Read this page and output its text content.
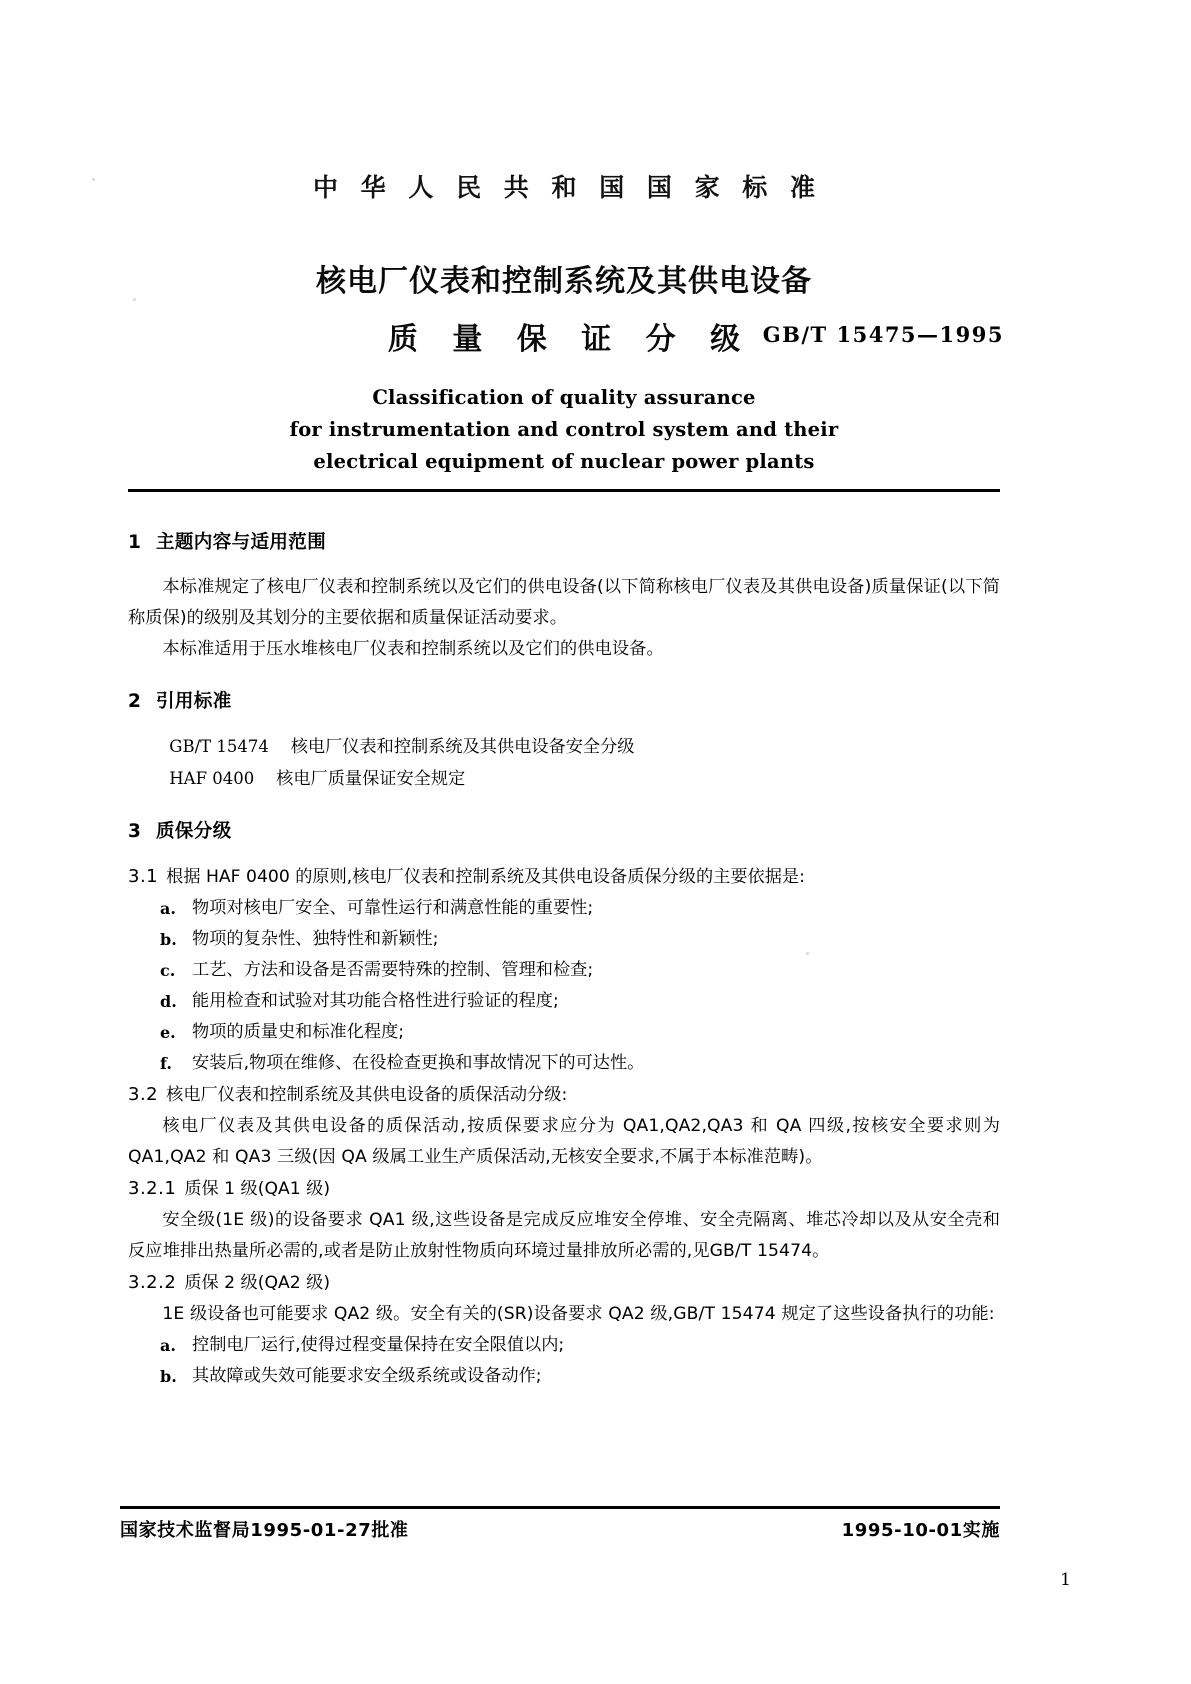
中 华 人 民 共 和 国 国 家 标 准
核电厂仪表和控制系统及其供电设备
质 量 保 证 分 级 GB/T 15475—1995
Classification of quality assurance
for instrumentation and control system and their
electrical equipment of nuclear power plants
1 主题内容与适用范围

本标准规定了核电厂仪表和控制系统以及它们的供电设备(以下简称核电厂仪表及其供电设备)质量保证(以下简称质保)的级别及其划分的主要依据和质量保证活动要求。

本标准适用于压水堆核电厂仪表和控制系统以及它们的供电设备。

2 引用标准

GB/T 15474 核电厂仪表和控制系统及其供电设备安全分级

HAF 0400 核电厂质量保证安全规定

3 质保分级

3.1 根据 HAF 0400 的原则,核电厂仪表和控制系统及其供电设备质保分级的主要依据是:

a. 物项对核电厂安全、可靠性运行和满意性能的重要性;
b. 物项的复杂性、独特性和新颖性;
c. 工艺、方法和设备是否需要特殊的控制、管理和检查;
d. 能用检查和试验对其功能合格性进行验证的程度;
e. 物项的质量史和标准化程度;
f.	安装后,物项在维修、在役检查更换和事故情况下的可达性。

3.2 核电厂仪表和控制系统及其供电设备的质保活动分级:

核电厂仪表及其供电设备的质保活动,按质保要求应分为 QA1,QA2,QA3 和 QA 四级,按核安全要求则为 QA1,QA2 和 QA3 三级(因 QA 级属工业生产质保活动,无核安全要求,不属于本标准范畴)。

3.2.1 质保 1 级(QA1 级)

安全级(1E 级)的设备要求 QA1 级,这些设备是完成反应堆安全停堆、安全壳隔离、堆芯冷却以及从安全壳和反应堆排出热量所必需的,或者是防止放射性物质向环境过量排放所必需的,见GB/T 15474。

3.2.2 质保 2 级(QA2 级)

1E 级设备也可能要求 QA2 级。安全有关的(SR)设备要求 QA2 级,GB/T 15474 规定了这些设备执行的功能:

a. 控制电厂运行,使得过程变量保持在安全限值以内;
b. 其故障或失效可能要求安全级系统或设备动作;
国家技术监督局1995-01-27批准	1995-10-01实施
1
